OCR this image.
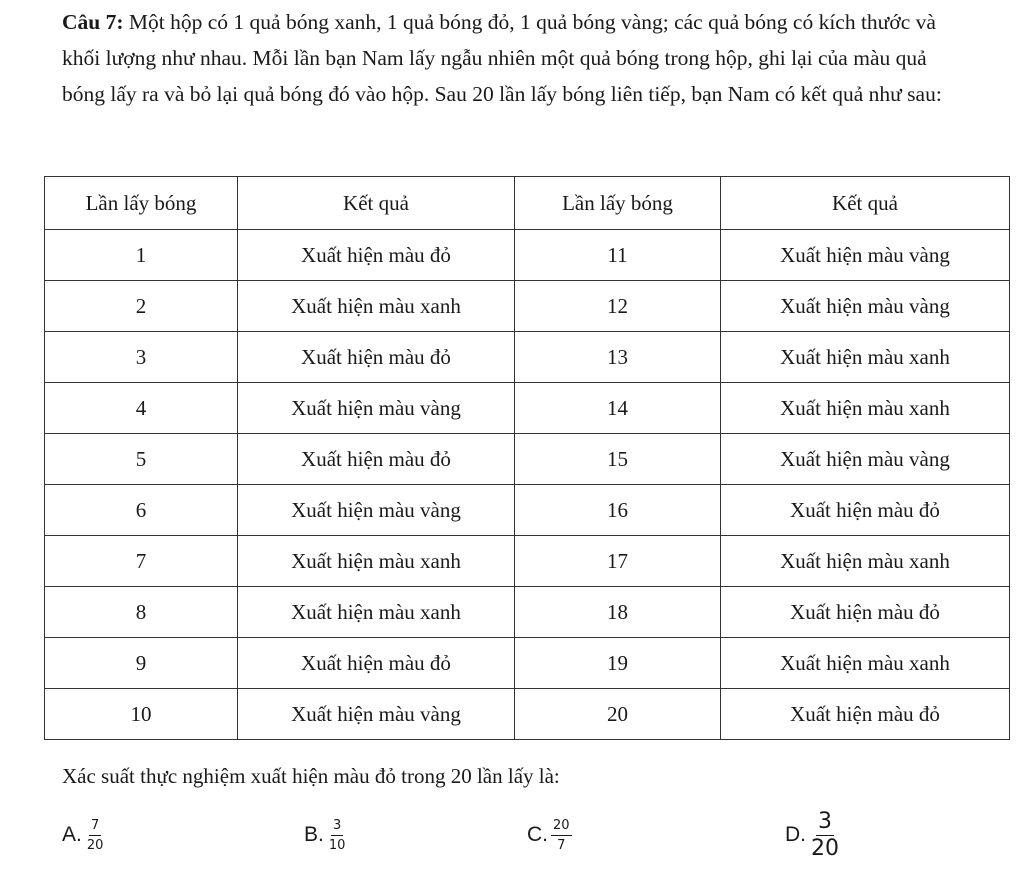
Câu 7: Một hộp có 1 quả bóng xanh, 1 quả bóng đỏ, 1 quả bóng vàng; các quả bóng có kích thước và khối lượng như nhau. Mỗi lần bạn Nam lấy ngẫu nhiên một quả bóng trong hộp, ghi lại của màu quả bóng lấy ra và bỏ lại quả bóng đó vào hộp. Sau 20 lần lấy bóng liên tiếp, bạn Nam có kết quả như sau:
Lần lấy bóng	Kết quả	Lần lấy bóng	Kết quả
1	Xuất hiện màu đỏ	11	Xuất hiện màu vàng
2	Xuất hiện màu xanh	12	Xuất hiện màu vàng
3	Xuất hiện màu đỏ	13	Xuất hiện màu xanh
4	Xuất hiện màu vàng	14	Xuất hiện màu xanh
5	Xuất hiện màu đỏ	15	Xuất hiện màu vàng
6	Xuất hiện màu vàng	16	Xuất hiện màu đỏ
7	Xuất hiện màu xanh	17	Xuất hiện màu xanh
8	Xuất hiện màu xanh	18	Xuất hiện màu đỏ
9	Xuất hiện màu đỏ	19	Xuất hiện màu xanh
10	Xuất hiện màu vàng	20	Xuất hiện màu đỏ
Xác suất thực nghiệm xuất hiện màu đỏ trong 20 lần lấy là:
A. $\frac{7}{20}$	B. $\frac{3}{10}$	C. $\frac{20}{7}$	D. $\frac{3}{20}$
